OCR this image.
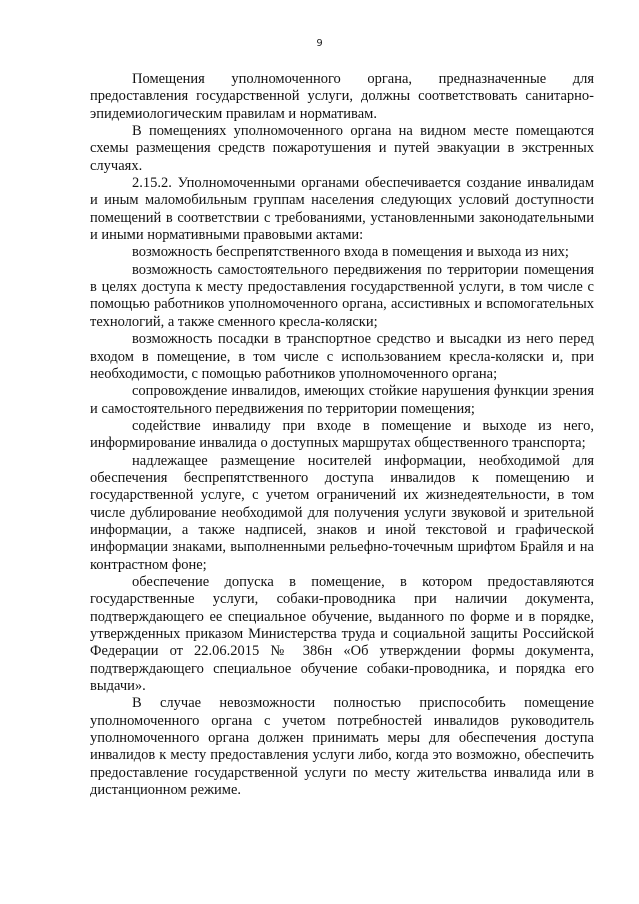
9

Помещения уполномоченного органа, предназначенные для предоставления государственной услуги, должны соответствовать санитарно-эпидемиологическим правилам и нормативам.

В помещениях уполномоченного органа на видном месте помещаются схемы размещения средств пожаротушения и путей эвакуации в экстренных случаях.

2.15.2. Уполномоченными органами обеспечивается создание инвалидам и иным маломобильным группам населения следующих условий доступности помещений в соответствии с требованиями, установленными законодательными и иными нормативными правовыми актами:

возможность беспрепятственного входа в помещения и выхода из них;

возможность самостоятельного передвижения по территории помещения в целях доступа к месту предоставления государственной услуги, в том числе с помощью работников уполномоченного органа, ассистивных и вспомогательных технологий, а также сменного кресла-коляски;

возможность посадки в транспортное средство и высадки из него перед входом в помещение, в том числе с использованием кресла-коляски и, при необходимости, с помощью работников уполномоченного органа;

сопровождение инвалидов, имеющих стойкие нарушения функции зрения и самостоятельного передвижения по территории помещения;

содействие инвалиду при входе в помещение и выходе из него, информирование инвалида о доступных маршрутах общественного транспорта;

надлежащее размещение носителей информации, необходимой для обеспечения беспрепятственного доступа инвалидов к помещению и государственной услуге, с учетом ограничений их жизнедеятельности, в том числе дублирование необходимой для получения услуги звуковой и зрительной информации, а также надписей, знаков и иной текстовой и графической информации знаками, выполненными рельефно-точечным шрифтом Брайля и на контрастном фоне;

обеспечение допуска в помещение, в котором предоставляются государственные услуги, собаки-проводника при наличии документа, подтверждающего ее специальное обучение, выданного по форме и в порядке, утвержденных приказом Министерства труда и социальной защиты Российской Федерации от 22.06.2015 № 386н «Об утверждении формы документа, подтверждающего специальное обучение собаки-проводника, и порядка его выдачи».

В случае невозможности полностью приспособить помещение уполномоченного органа с учетом потребностей инвалидов руководитель уполномоченного органа должен принимать меры для обеспечения доступа инвалидов к месту предоставления услуги либо, когда это возможно, обеспечить предоставление государственной услуги по месту жительства инвалида или в дистанционном режиме.
